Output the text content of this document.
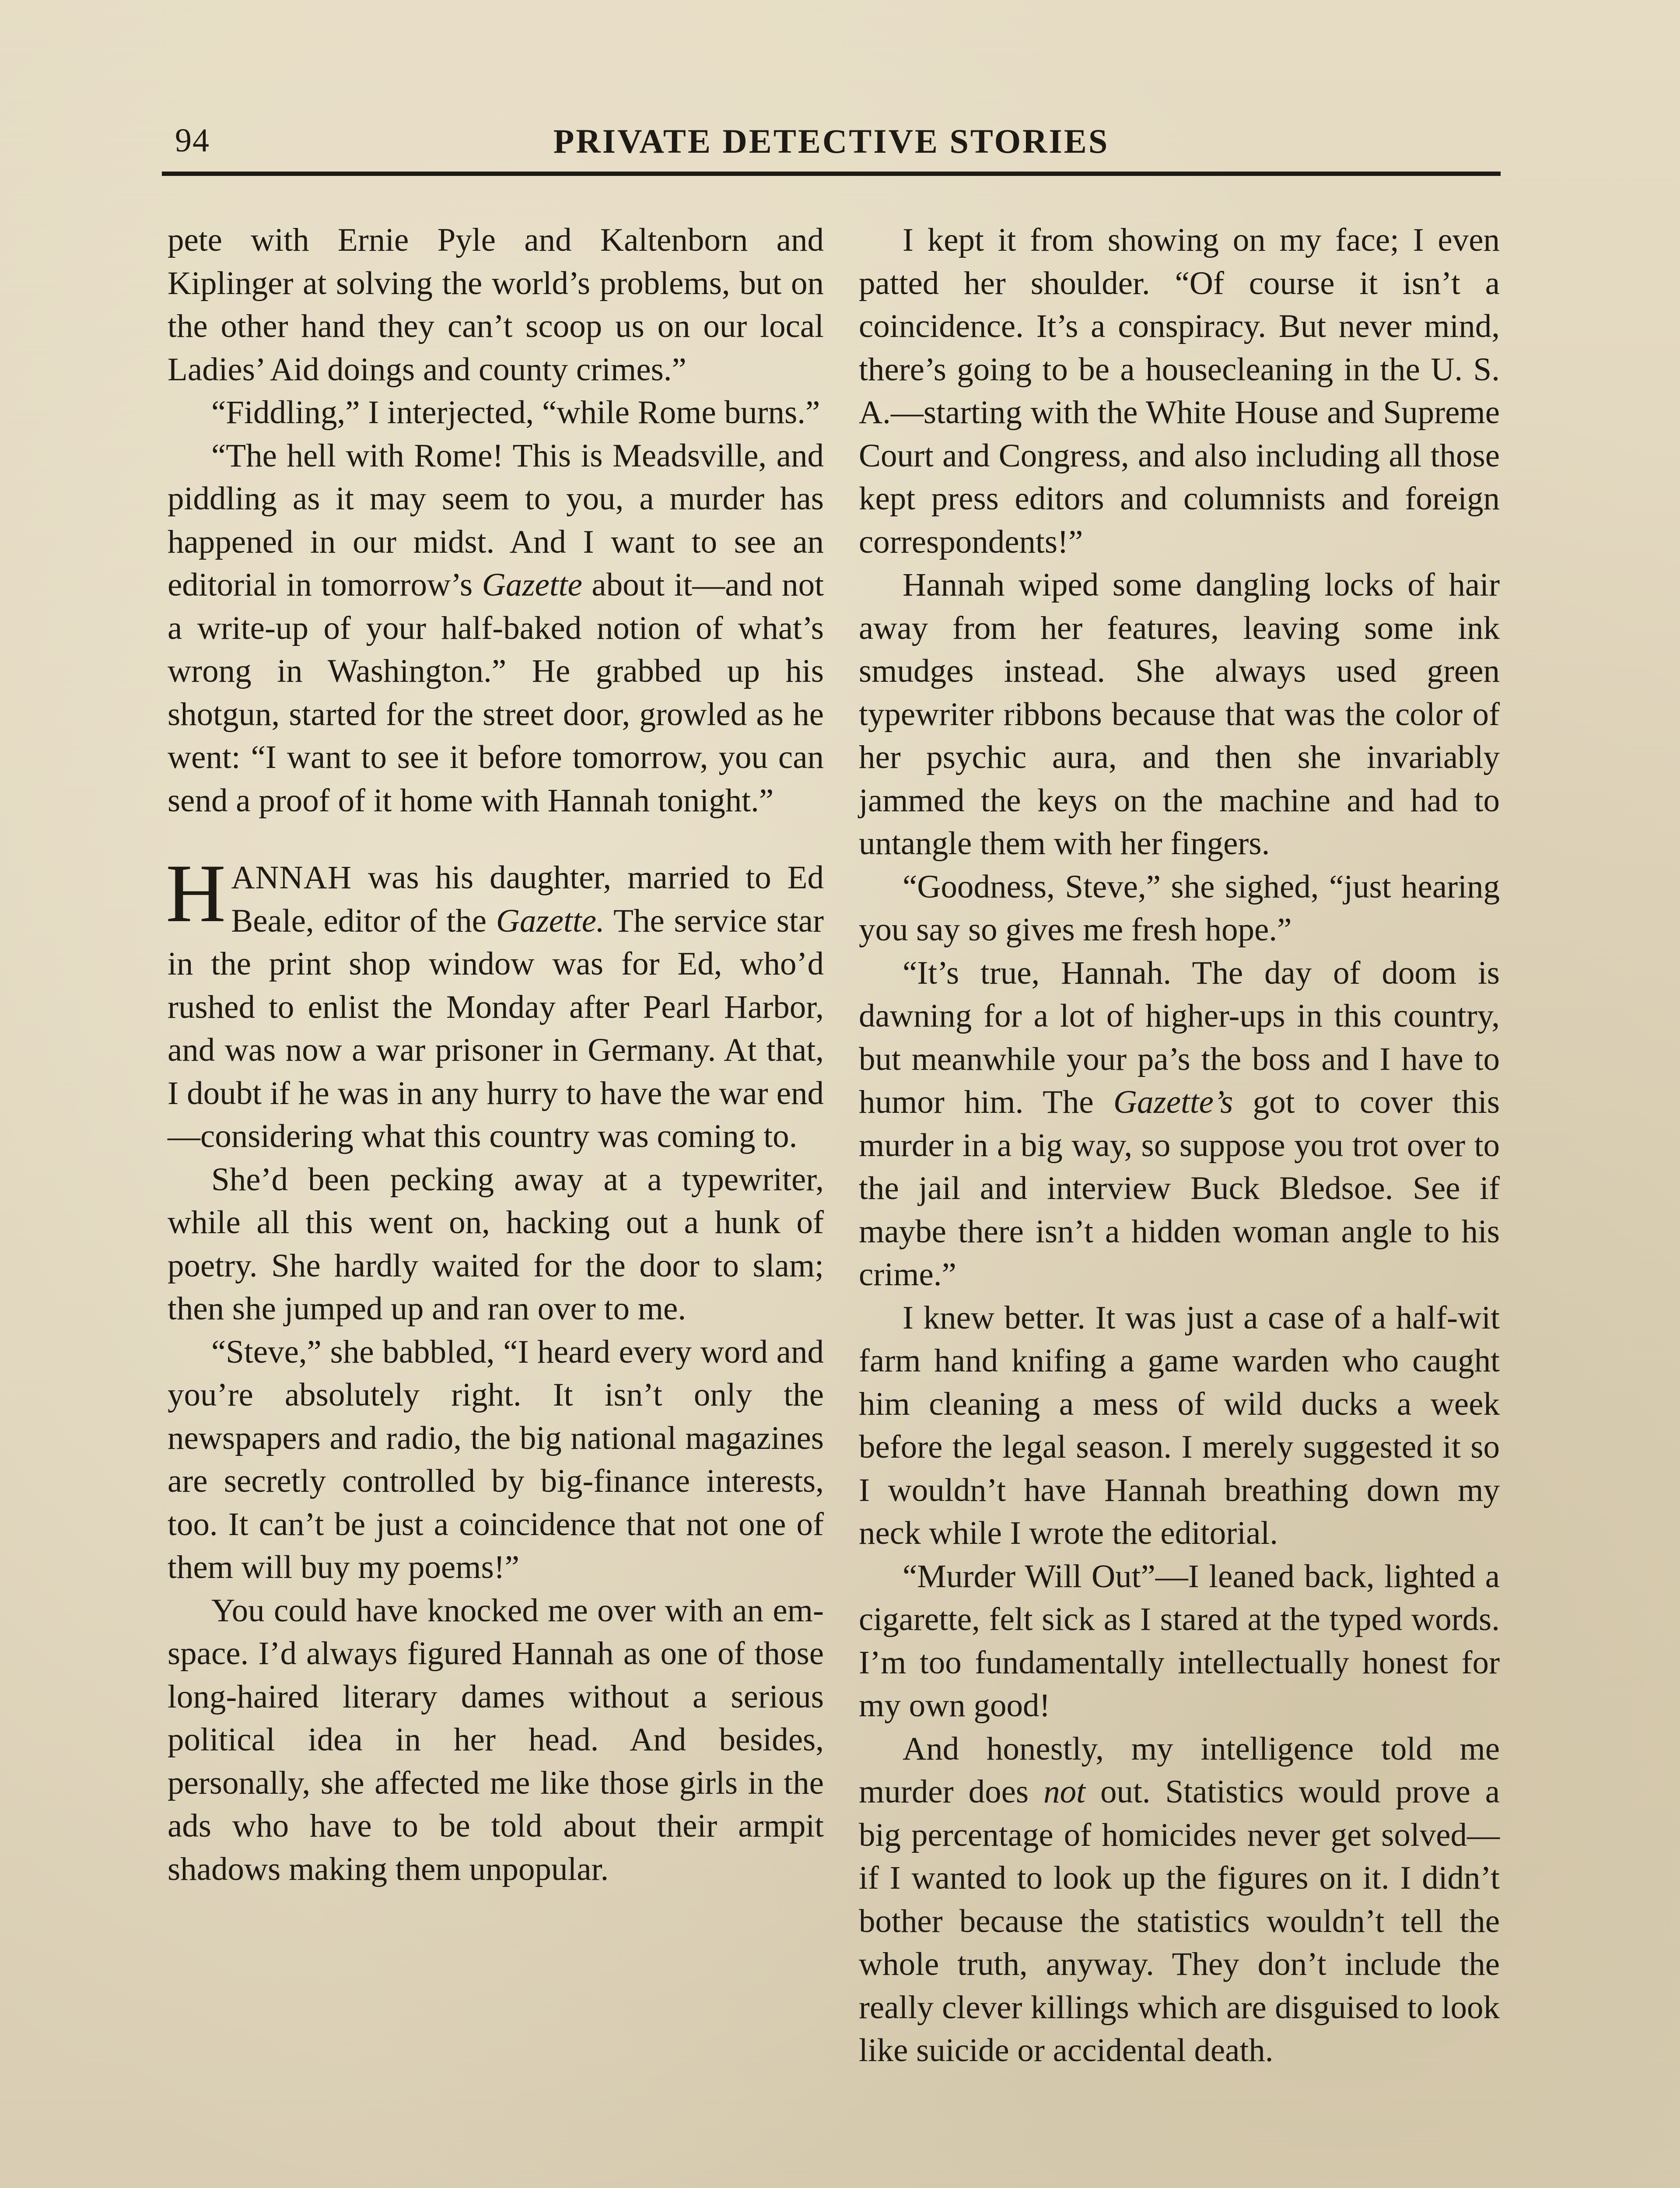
94	PRIVATE DETECTIVE STORIES

pete with Ernie Pyle and Kaltenborn and Kiplinger at solving the world’s problems, but on the other hand they can’t scoop us on our local Ladies’ Aid doings and county crimes.”

“Fiddling,” I interjected, “while Rome burns.”

“The hell with Rome! This is Meadsville, and piddling as it may seem to you, a murder has happened in our midst. And I want to see an editorial in tomorrow’s Gazette about it—and not a write-up of your half-baked notion of what’s wrong in Washington.” He grabbed up his shotgun, started for the street door, growled as he went: “I want to see it before tomorrow, you can send a proof of it home with Hannah tonight.”

HANNAH was his daughter, married to Ed Beale, editor of the Gazette. The service star in the print shop window was for Ed, who’d rushed to enlist the Monday after Pearl Harbor, and was now a war prisoner in Germany. At that, I doubt if he was in any hurry to have the war end—considering what this country was coming to.

She’d been pecking away at a typewriter, while all this went on, hacking out a hunk of poetry. She hardly waited for the door to slam; then she jumped up and ran over to me.

“Steve,” she babbled, “I heard every word and you’re absolutely right. It isn’t only the newspapers and radio, the big national magazines are secretly controlled by big-finance interests, too. It can’t be just a coincidence that not one of them will buy my poems!”

You could have knocked me over with an em-space. I’d always figured Hannah as one of those long-haired literary dames without a serious political idea in her head. And besides, personally, she affected me like those girls in the ads who have to be told about their armpit shadows making them unpopular.

I kept it from showing on my face; I even patted her shoulder. “Of course it isn’t a coincidence. It’s a conspiracy. But never mind, there’s going to be a housecleaning in the U. S. A.—starting with the White House and Supreme Court and Congress, and also including all those kept press editors and columnists and foreign correspondents!”

Hannah wiped some dangling locks of hair away from her features, leaving some ink smudges instead. She always used green typewriter ribbons because that was the color of her psychic aura, and then she invariably jammed the keys on the machine and had to untangle them with her fingers.

“Goodness, Steve,” she sighed, “just hearing you say so gives me fresh hope.”

“It’s true, Hannah. The day of doom is dawning for a lot of higher-ups in this country, but meanwhile your pa’s the boss and I have to humor him. The Gazette’s got to cover this murder in a big way, so suppose you trot over to the jail and interview Buck Bledsoe. See if maybe there isn’t a hidden woman angle to his crime.”

I knew better. It was just a case of a half-wit farm hand knifing a game warden who caught him cleaning a mess of wild ducks a week before the legal season. I merely suggested it so I wouldn’t have Hannah breathing down my neck while I wrote the editorial.

“Murder Will Out”—I leaned back, lighted a cigarette, felt sick as I stared at the typed words. I’m too fundamentally intellectually honest for my own good!

And honestly, my intelligence told me murder does not out. Statistics would prove a big percentage of homicides never get solved—if I wanted to look up the figures on it. I didn’t bother because the statistics wouldn’t tell the whole truth, anyway. They don’t include the really clever killings which are disguised to look like suicide or accidental death.
